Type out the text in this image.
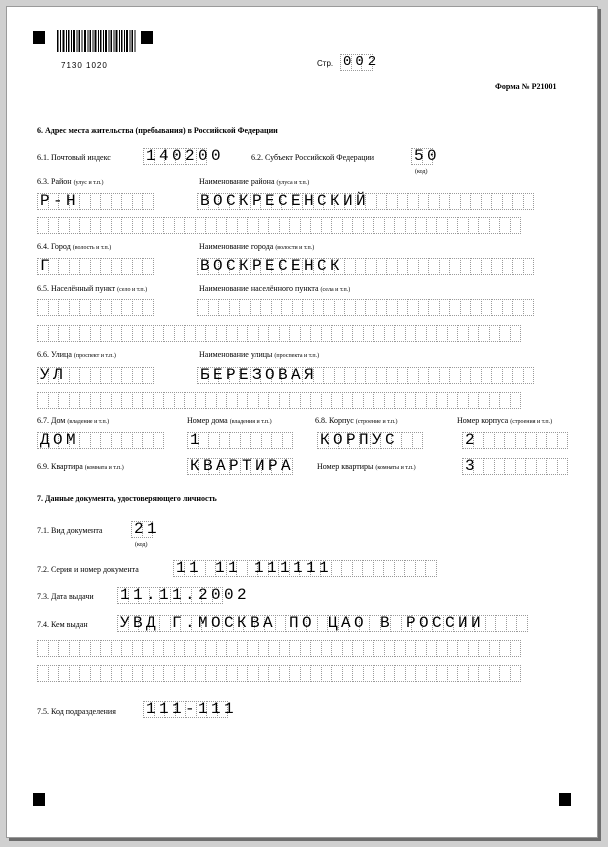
7130 1020	Стр. 002
Форма № Р21001
6. Адрес места жительства (пребывания) в Российской Федерации
6.1. Почтовый индекс 140200	6.2. Субъект Российской Федерации 50
(код)
6.3. Район (улус и т.п.)	Наименование района (улуса и т.п.)
Р-Н	ВОСКРЕСЕНСКИЙ
6.4. Город (волость и т.п.)	Наименование города (волости и т.п.)
Г	ВОСКРЕСЕНСК
6.5. Населённый пункт (село и т.п.)	Наименование населённого пункта (села и т.п.)
6.6. Улица (проспект и т.п.)	Наименование улицы (проспекта и т.п.)
УЛ	БЕРЕЗОВАЯ
6.7. Дом (владение и т.п.)	Номер дома (владения и т.п.)	6.8. Корпус (строение и т.п.)	Номер корпуса (строения и т.п.)
ДОМ	1	КОРПУС	2
6.9. Квартира (комната и т.п.)	КВАРТИРА	Номер квартиры (комнаты и т.п.)	3
7. Данные документа, удостоверяющего личность
7.1. Вид документа 21
(код)
7.2. Серия и номер документа 11 11 111111
7.3. Дата выдачи 11.11.2002
7.4. Кем выдан УВД Г.МОСКВА ПО ЦАО В РОССИИ
7.5. Код подразделения 111-111
